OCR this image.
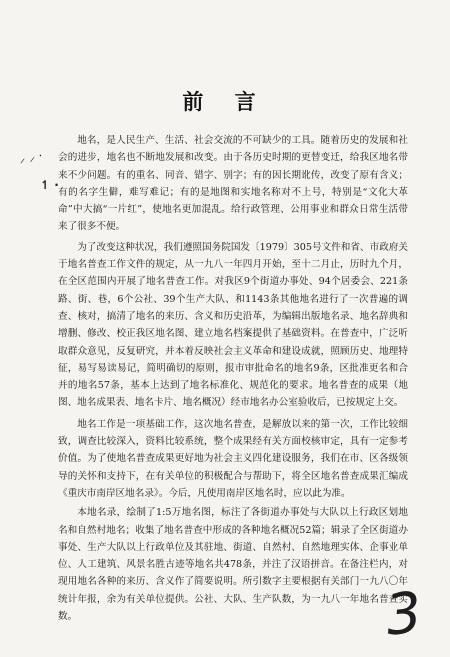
⸝ ⸝ ·
↿ ·
前 言

地名，是人民生产、生活、社会交流的不可缺少的工具。随着历史的发展和社会的进步，地名也不断地发展和改变。由于各历史时期的更替变迁，给我区地名带来不少问题。有的重名、同音、错字、别字；有的因长期讹传，改变了原有含义；有的名字生僻，难写难记；有的是地图和实地名称对不上号，特别是“文化大革命”中大搞“一片红”，使地名更加混乱。给行政管理、公用事业和群众日常生活带来了很多不便。

为了改变这种状况，我们遵照国务院国发〔1979〕305号文件和省、市政府关于地名普查工作文件的规定，从一九八一年四月开始，至十二月止，历时九个月，在全区范围内开展了地名普查工作。对我区9个街道办事处、94个居委会、221条路、街、巷，6个公社、39个生产大队、和1143条其他地名进行了一次普遍的调查、核对，搞清了地名的来历、含义和历史沿革，为编辑出版地名录、地名辞典和增删、修改、校正我区地名图、建立地名档案提供了基础资料。在普查中，广泛听取群众意见，反复研究，并本着反映社会主义革命和建设成就，照顾历史、地理特征，易写易读易记，简明确切的原则，报市审批命名的地名9条，区批准更名和合并的地名57条，基本上达到了地名标准化、规范化的要求。地名普查的成果（地图、地名成果表、地名卡片、地名概况）经市地名办公室验收后，已按规定上交。

地名工作是一项基础工作，这次地名普查，是解放以来的第一次，工作比较细致，调查比较深入，资料比较系统，整个成果经有关方面校核审定，具有一定参考价值。为了使地名普查成果更好地为社会主义四化建设服务，我们在市、区各级领导的关怀和支持下，在有关单位的积极配合与帮助下，将全区地名普查成果汇编成《重庆市南岸区地名录》。今后，凡使用南岸区地名时，应以此为准。

本地名录，绘制了1:5万地名图，标注了各街道办事处与大队以上行政区划地名和自然村地名；收集了地名普查中形成的各种地名概况52篇；辑录了全区街道办事处、生产大队以上行政单位及其驻地、街道、自然村、自然地理实体、企事业单位、人工建筑、风景名胜古迹等地名共478条，并注了汉语拼音。在备注栏内，对现用地名各种的来历、含义作了简要说明。所引数字主要根据有关部门一九八〇年统计年报，余为有关单位提供。公社、大队、生产队数，为一九八一年地名普查实数。	3
